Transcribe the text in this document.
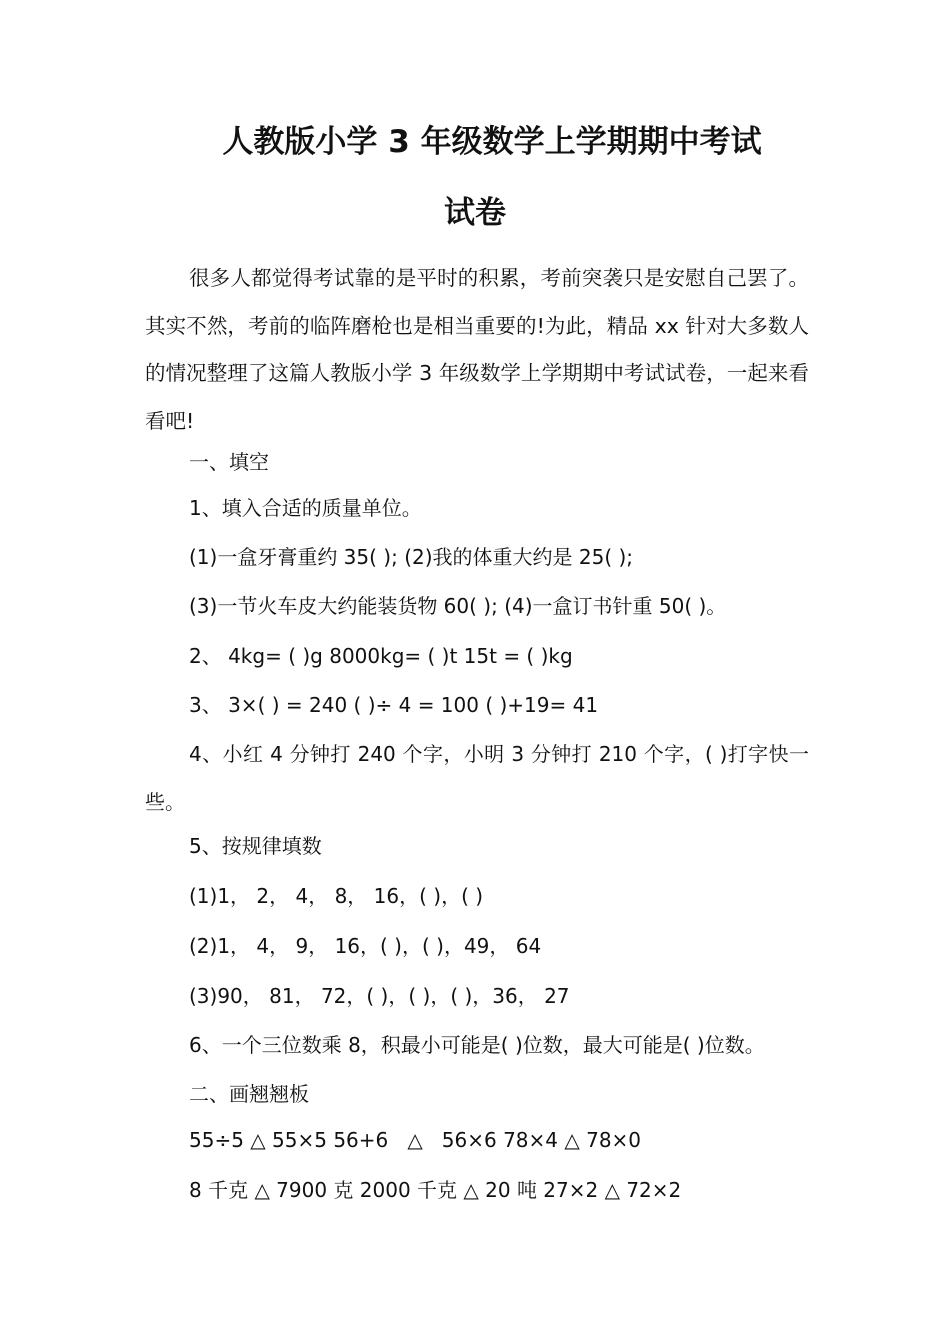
人教版小学 3 年级数学上学期期中考试
试卷

很多人都觉得考试靠的是平时的积累，考前突袭只是安慰自己罢了。其实不然，考前的临阵磨枪也是相当重要的!为此，精品 xx 针对大多数人的情况整理了这篇人教版小学 3 年级数学上学期期中考试试卷，一起来看看吧!

一、填空

1、填入合适的质量单位。

(1)一盒牙膏重约 35( ); (2)我的体重大约是 25( );

(3)一节火车皮大约能装货物 60( ); (4)一盒订书针重 50( )。

2、 4kg= ( )g 8000kg= ( )t 15t = ( )kg

3、 3×( ) = 240 ( )÷ 4 = 100 ( )+19= 41

4、小红 4 分钟打 240 个字，小明 3 分钟打 210 个字，( )打字快一些。

5、按规律填数

(1)1， 2， 4， 8， 16，( )，( )

(2)1， 4， 9， 16，( )，( )，49， 64

(3)90， 81， 72，( )，( )，( )，36， 27

6、一个三位数乘 8，积最小可能是( )位数，最大可能是( )位数。

二、画翘翘板

55÷5 △ 55×5 56+6   △   56×6 78×4 △ 78×0

8 千克 △ 7900 克 2000 千克 △ 20 吨 27×2 △ 72×2
